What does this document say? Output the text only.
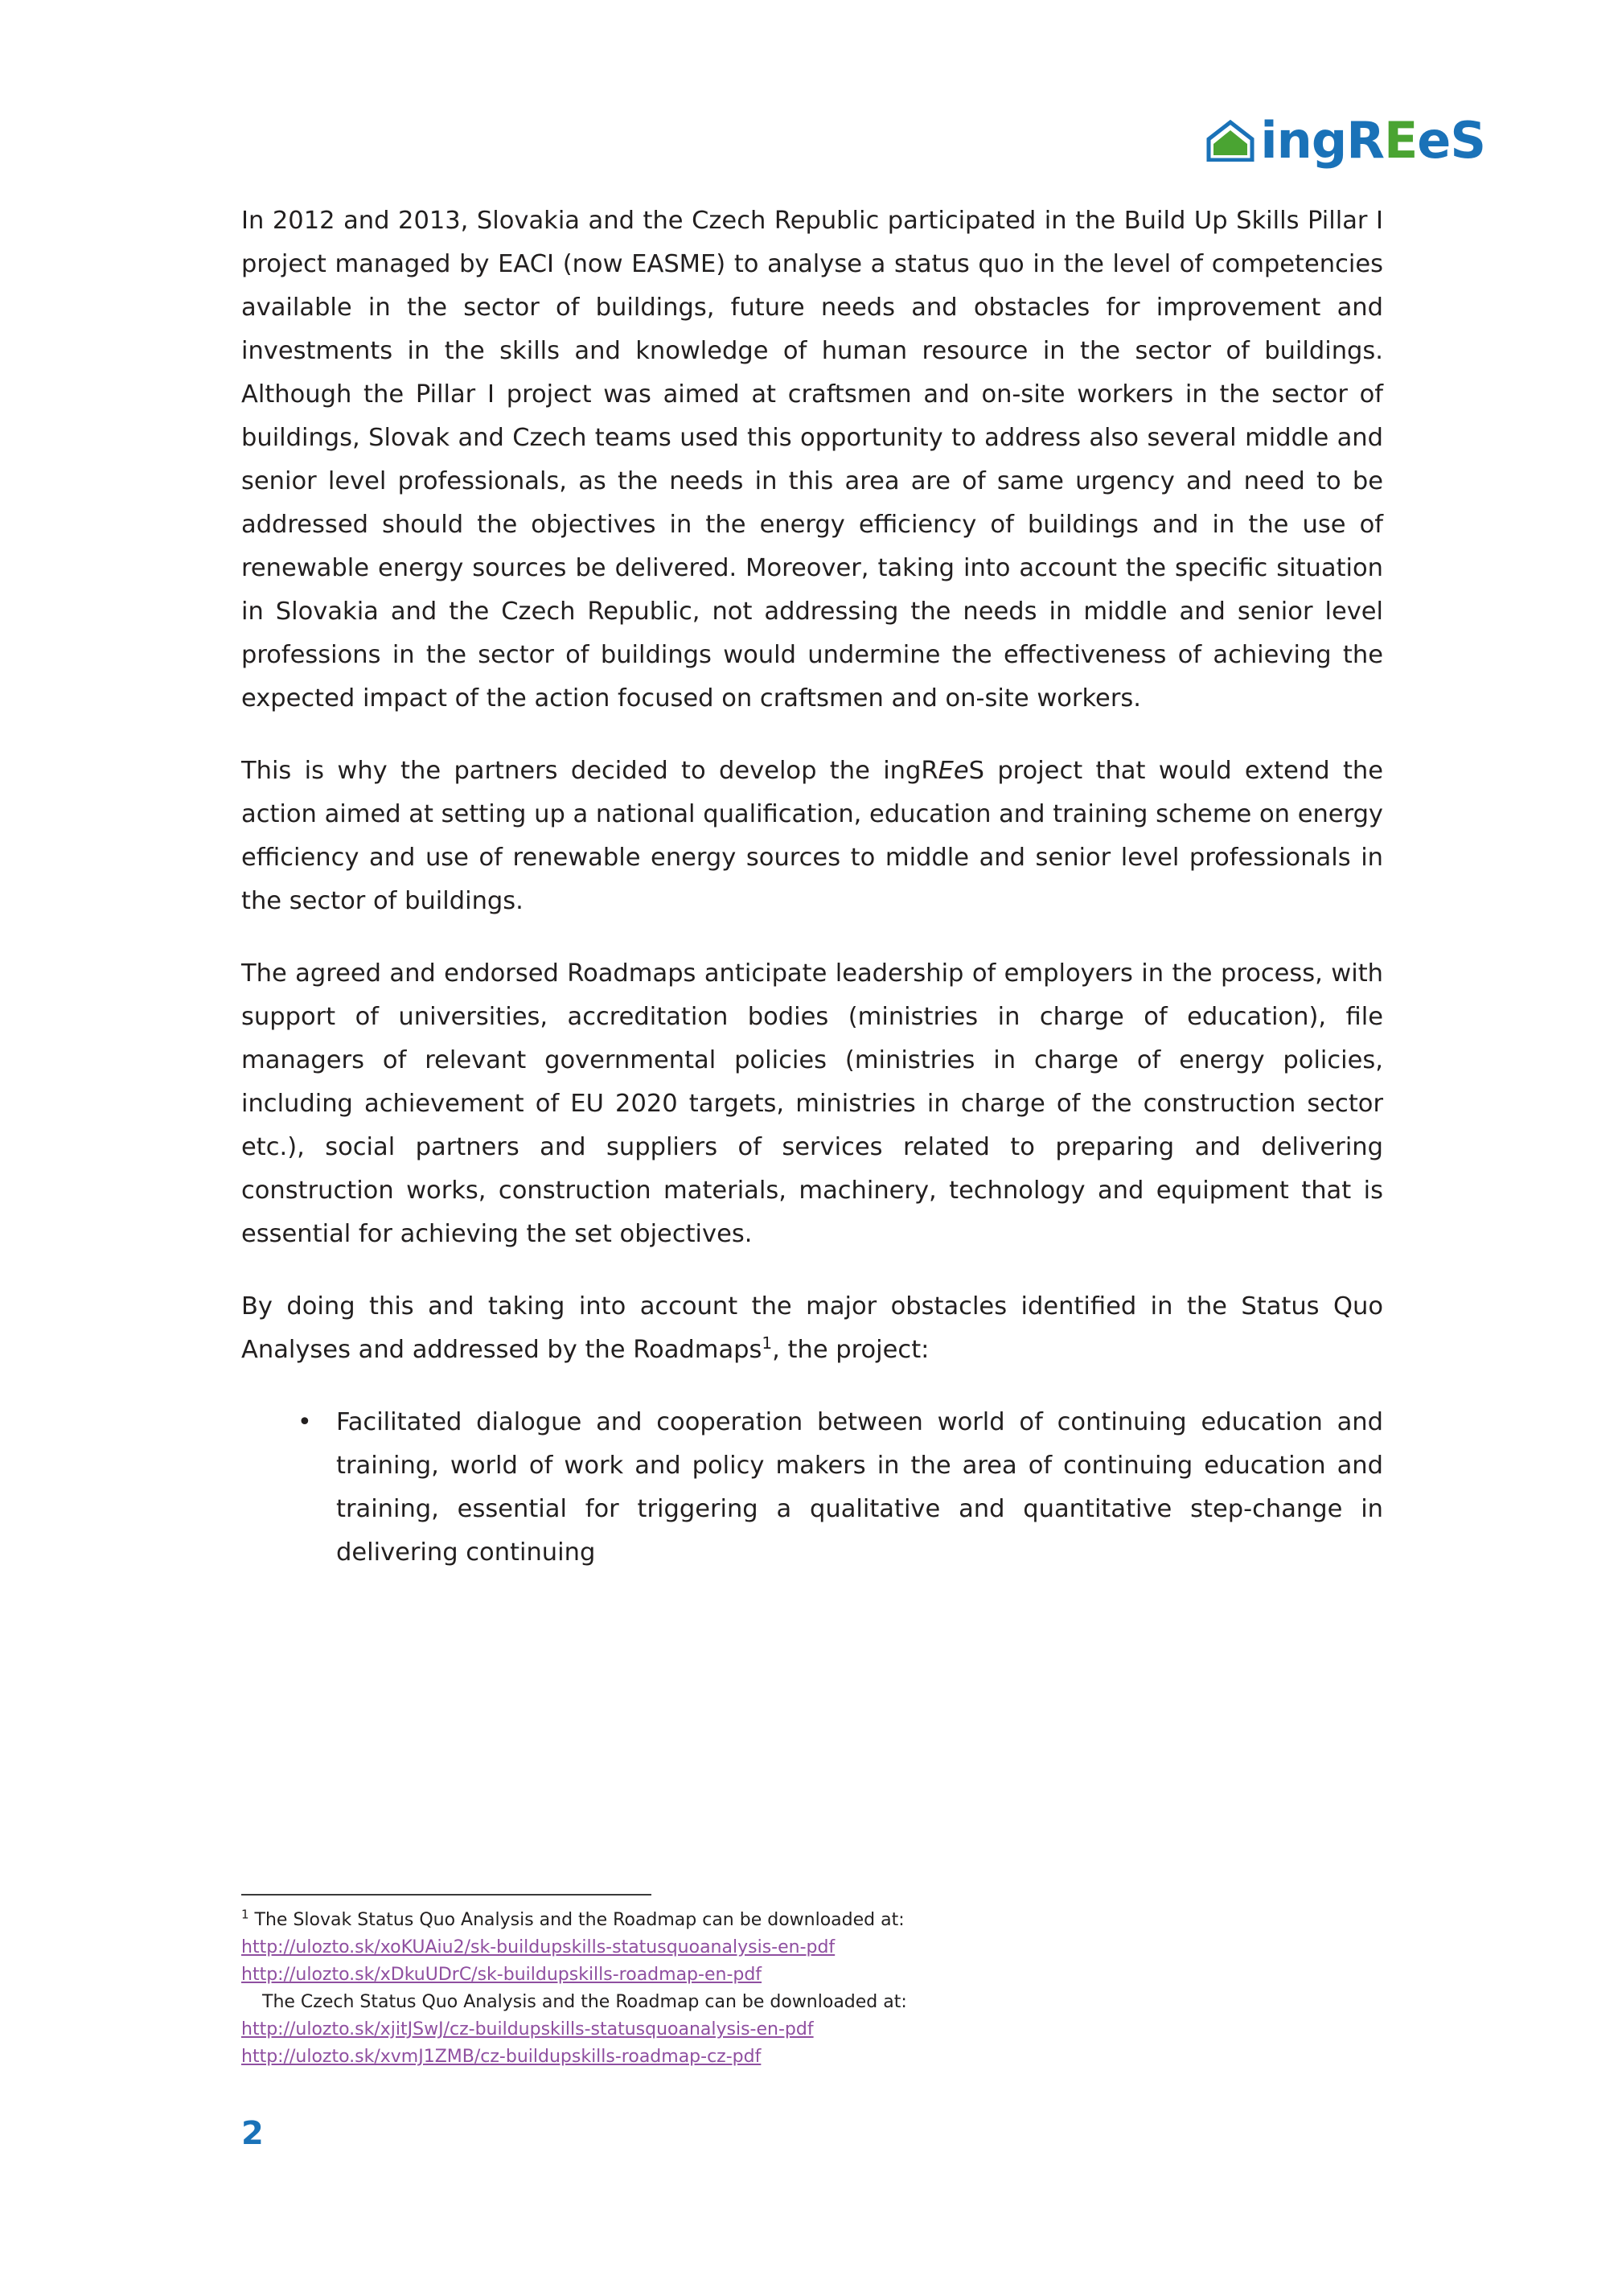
ingREeS

In 2012 and 2013, Slovakia and the Czech Republic participated in the Build Up Skills Pillar I project managed by EACI (now EASME) to analyse a status quo in the level of competencies available in the sector of buildings, future needs and obstacles for improvement and investments in the skills and knowledge of human resource in the sector of buildings. Although the Pillar I project was aimed at craftsmen and on-site workers in the sector of buildings, Slovak and Czech teams used this opportunity to address also several middle and senior level professionals, as the needs in this area are of same urgency and need to be addressed should the objectives in the energy efficiency of buildings and in the use of renewable energy sources be delivered. Moreover, taking into account the specific situation in Slovakia and the Czech Republic, not addressing the needs in middle and senior level professions in the sector of buildings would undermine the effectiveness of achieving the expected impact of the action focused on craftsmen and on-site workers.

This is why the partners decided to develop the ingREeS project that would extend the action aimed at setting up a national qualification, education and training scheme on energy efficiency and use of renewable energy sources to middle and senior level professionals in the sector of buildings.

The agreed and endorsed Roadmaps anticipate leadership of employers in the process, with support of universities, accreditation bodies (ministries in charge of education), file managers of relevant governmental policies (ministries in charge of energy policies, including achievement of EU 2020 targets, ministries in charge of the construction sector etc.), social partners and suppliers of services related to preparing and delivering construction works, construction materials, machinery, technology and equipment that is essential for achieving the set objectives.

By doing this and taking into account the major obstacles identified in the Status Quo Analyses and addressed by the Roadmaps$^1$, the project:

• Facilitated dialogue and cooperation between world of continuing education and training, world of work and policy makers in the area of continuing education and training, essential for triggering a qualitative and quantitative step-change in delivering continuing
$^1$ The Slovak Status Quo Analysis and the Roadmap can be downloaded at:
http://ulozto.sk/xoKUAiu2/sk-buildupskills-statusquoanalysis-en-pdf
http://ulozto.sk/xDkuUDrC/sk-buildupskills-roadmap-en-pdf
The Czech Status Quo Analysis and the Roadmap can be downloaded at:
http://ulozto.sk/xjitJSwJ/cz-buildupskills-statusquoanalysis-en-pdf
http://ulozto.sk/xvmJ1ZMB/cz-buildupskills-roadmap-cz-pdf
2
